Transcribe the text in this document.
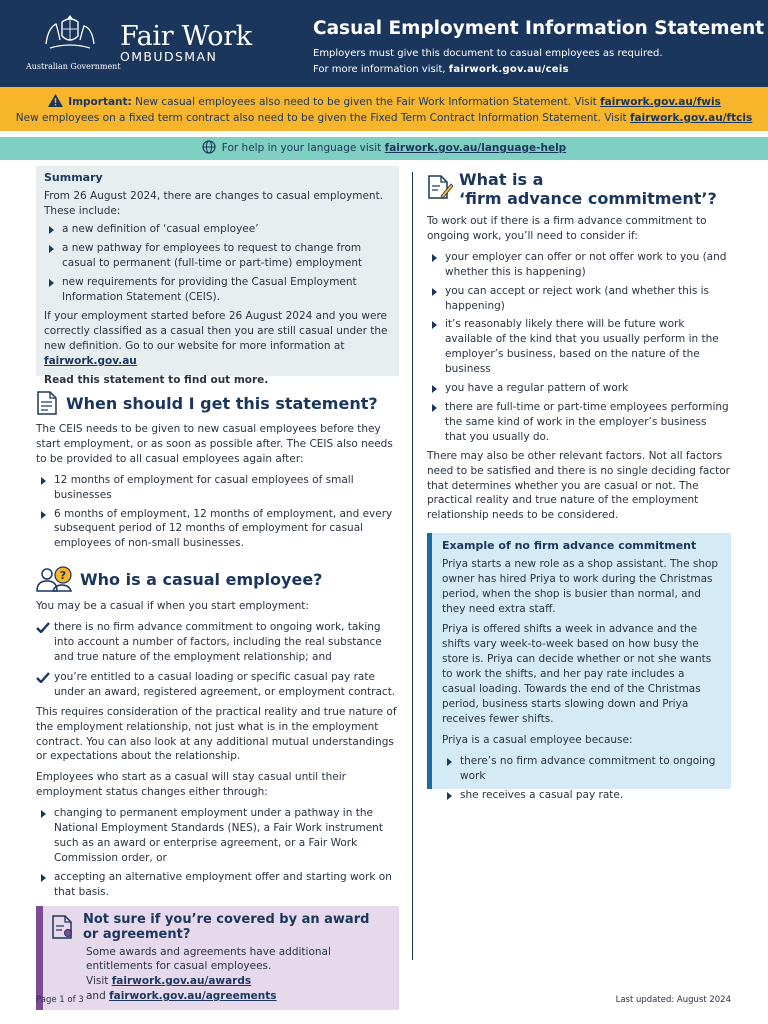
Australian Government
Fair Work
OMBUDSMAN
Casual Employment Information Statement
Employers must give this document to casual employees as required.
For more information visit, fairwork.gov.au/ceis
Important: New casual employees also need to be given the Fair Work Information Statement. Visit fairwork.gov.au/fwis
New employees on a fixed term contract also need to be given the Fixed Term Contract Information Statement. Visit fairwork.gov.au/ftcis
For help in your language visit fairwork.gov.au/language-help
Summary

From 26 August 2024, there are changes to casual employment. These include:

a new definition of ‘casual employee’
a new pathway for employees to request to change from casual to permanent (full-time or part-time) employment
new requirements for providing the Casual Employment Information Statement (CEIS).

If your employment started before 26 August 2024 and you were correctly classified as a casual then you are still casual under the new definition. Go to our website for more information at fairwork.gov.au

Read this statement to find out more.

When should I get this statement?

The CEIS needs to be given to new casual employees before they start employment, or as soon as possible after. The CEIS also needs to be provided to all casual employees again after:

12 months of employment for casual employees of small businesses
6 months of employment, 12 months of employment, and every subsequent period of 12 months of employment for casual employees of non-small businesses.
? Who is a casual employee?

You may be a casual if when you start employment:

there is no firm advance commitment to ongoing work, taking into account a number of factors, including the real substance and true nature of the employment relationship; and
you’re entitled to a casual loading or specific casual pay rate under an award, registered agreement, or employment contract.

This requires consideration of the practical reality and true nature of the employment relationship, not just what is in the employment contract. You can also look at any additional mutual understandings or expectations about the relationship.

Employees who start as a casual will stay casual until their employment status changes either through:

changing to permanent employment under a pathway in the National Employment Standards (NES), a Fair Work instrument such as an award or enterprise agreement, or a Fair Work Commission order, or
accepting an alternative employment offer and starting work on that basis.
Not sure if you’re covered by an award or agreement?
Some awards and agreements have additional entitlements for casual employees.
Visit fairwork.gov.au/awards
and fairwork.gov.au/agreements
What is a
‘firm advance commitment’?

To work out if there is a firm advance commitment to ongoing work, you’ll need to consider if:

your employer can offer or not offer work to you (and whether this is happening)
you can accept or reject work (and whether this is happening)
it’s reasonably likely there will be future work available of the kind that you usually perform in the employer’s business, based on the nature of the business
you have a regular pattern of work
there are full-time or part-time employees performing the same kind of work in the employer’s business that you usually do.

There may also be other relevant factors. Not all factors need to be satisfied and there is no single deciding factor that determines whether you are casual or not. The practical reality and true nature of the employment relationship needs to be considered.

Example of no firm advance commitment

Priya starts a new role as a shop assistant. The shop owner has hired Priya to work during the Christmas period, when the shop is busier than normal, and they need extra staff.

Priya is offered shifts a week in advance and the shifts vary week-to-week based on how busy the store is. Priya can decide whether or not she wants to work the shifts, and her pay rate includes a casual loading. Towards the end of the Christmas period, business starts slowing down and Priya receives fewer shifts.

Priya is a casual employee because:

there’s no firm advance commitment to ongoing work
she receives a casual pay rate.
Page 1 of 3	Last updated: August 2024
